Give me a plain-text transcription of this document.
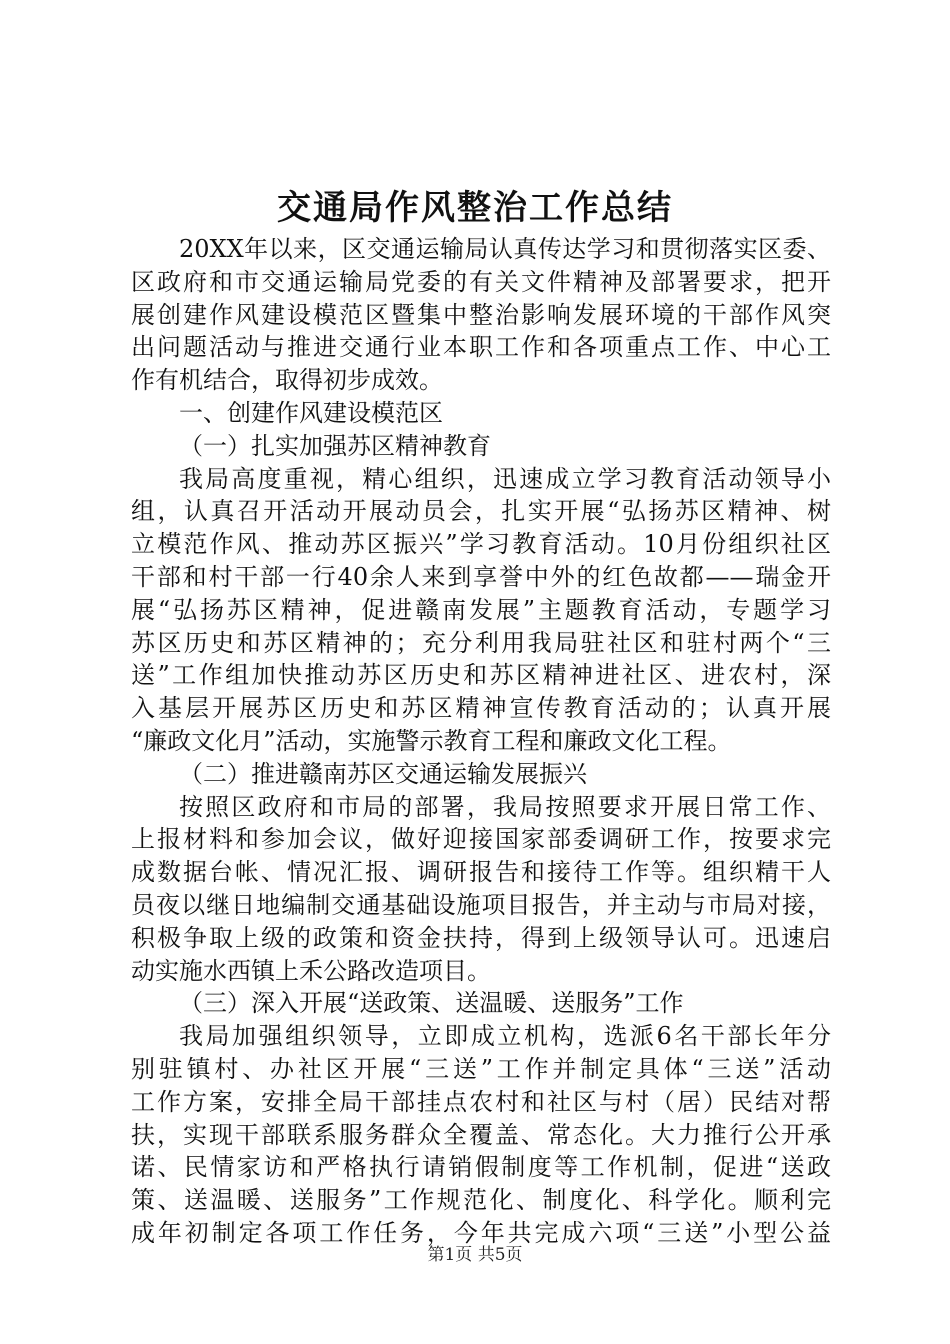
交通局作风整治工作总结
20XX年以来，区交通运输局认真传达学习和贯彻落实区委、
区政府和市交通运输局党委的有关文件精神及部署要求，把开
展创建作风建设模范区暨集中整治影响发展环境的干部作风突
出问题活动与推进交通行业本职工作和各项重点工作、中心工
作有机结合，取得初步成效。
一、创建作风建设模范区
（一）扎实加强苏区精神教育
我局高度重视，精心组织，迅速成立学习教育活动领导小
组，认真召开活动开展动员会，扎实开展“弘扬苏区精神、树
立模范作风、推动苏区振兴”学习教育活动。10月份组织社区
干部和村干部一行40余人来到享誉中外的红色故都——瑞金开
展“弘扬苏区精神，促进赣南发展”主题教育活动，专题学习
苏区历史和苏区精神的；充分利用我局驻社区和驻村两个“三
送”工作组加快推动苏区历史和苏区精神进社区、进农村，深
入基层开展苏区历史和苏区精神宣传教育活动的；认真开展
“廉政文化月”活动，实施警示教育工程和廉政文化工程。
（二）推进赣南苏区交通运输发展振兴
按照区政府和市局的部署，我局按照要求开展日常工作、
上报材料和参加会议，做好迎接国家部委调研工作，按要求完
成数据台帐、情况汇报、调研报告和接待工作等。组织精干人
员夜以继日地编制交通基础设施项目报告，并主动与市局对接，
积极争取上级的政策和资金扶持，得到上级领导认可。迅速启
动实施水西镇上禾公路改造项目。
（三）深入开展“送政策、送温暖、送服务”工作
我局加强组织领导，立即成立机构，选派6名干部长年分
别驻镇村、办社区开展“三送”工作并制定具体“三送”活动
工作方案，安排全局干部挂点农村和社区与村（居）民结对帮
扶，实现干部联系服务群众全覆盖、常态化。大力推行公开承
诺、民情家访和严格执行请销假制度等工作机制，促进“送政
策、送温暖、送服务”工作规范化、制度化、科学化。顺利完
成年初制定各项工作任务，今年共完成六项“三送”小型公益
第1页 共5页
